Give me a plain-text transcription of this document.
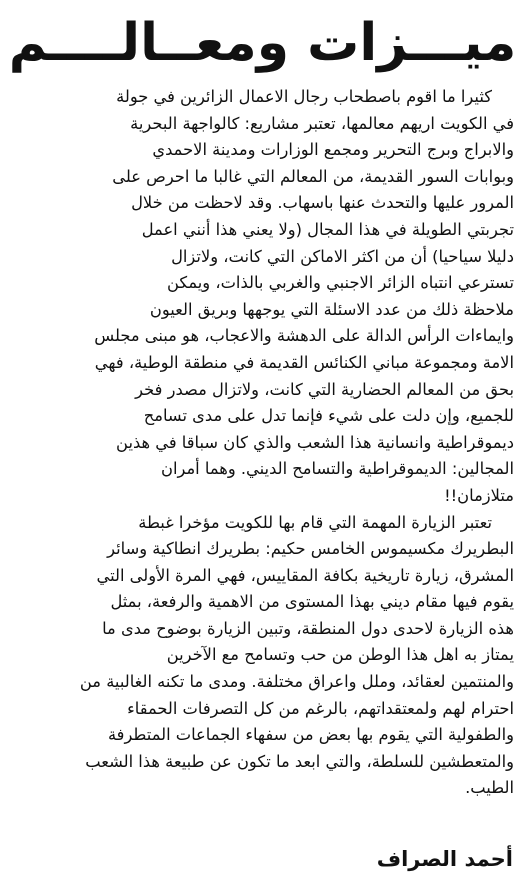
ميـــزات ومعــالــــم
كثيرا ما اقوم باصطحاب رجال الاعمال الزائرين في جولة
في الكويت اريهم معالمها، تعتبر مشاريع: كالواجهة البحرية
والابراج وبرج التحرير ومجمع الوزارات ومدينة الاحمدي
وبوابات السور القديمة، من المعالم التي غالبا ما احرص على
المرور عليها والتحدث عنها باسهاب. وقد لاحظت من خلال
تجربتي الطويلة في هذا المجال (ولا يعني هذا أنني اعمل
دليلا سياحيا) أن من اكثر الاماكن التي كانت، ولاتزال
تسترعي انتباه الزائر الاجنبي والغربي بالذات، ويمكن
ملاحظة ذلك من عدد الاسئلة التي يوجهها وبريق العيون
وايماءات الرأس الدالة على الدهشة والاعجاب، هو مبنى مجلس
الامة ومجموعة مباني الكنائس القديمة في منطقة الوطية، فهي
بحق من المعالم الحضارية التي كانت، ولاتزال مصدر فخر
للجميع، وإن دلت على شيء فإنما تدل على مدى تسامح
ديموقراطية وانسانية هذا الشعب والذي كان سباقا في هذين
المجالين: الديموقراطية والتسامح الديني. وهما أمران
متلازمان!!
تعتبر الزيارة المهمة التي قام بها للكويت مؤخرا غبطة
البطريرك مكسيموس الخامس حكيم: بطريرك انطاكية وسائر
المشرق، زيارة تاريخية بكافة المقاييس، فهي المرة الأولى التي
يقوم فيها مقام ديني بهذا المستوى من الاهمية والرفعة، بمثل
هذه الزيارة لاحدى دول المنطقة، وتبين الزيارة بوضوح مدى ما
يمتاز به اهل هذا الوطن من حب وتسامح مع الآخرين
والمنتمين لعقائد، وملل واعراق مختلفة. ومدى ما تكنه الغالبية من
احترام لهم ولمعتقداتهم، بالرغم من كل التصرفات الحمقاء
والطفولية التي يقوم بها بعض من سفهاء الجماعات المتطرفة
والمتعطشين للسلطة، والتي ابعد ما تكون عن طبيعة هذا الشعب
الطيب.
أحمد الصراف
